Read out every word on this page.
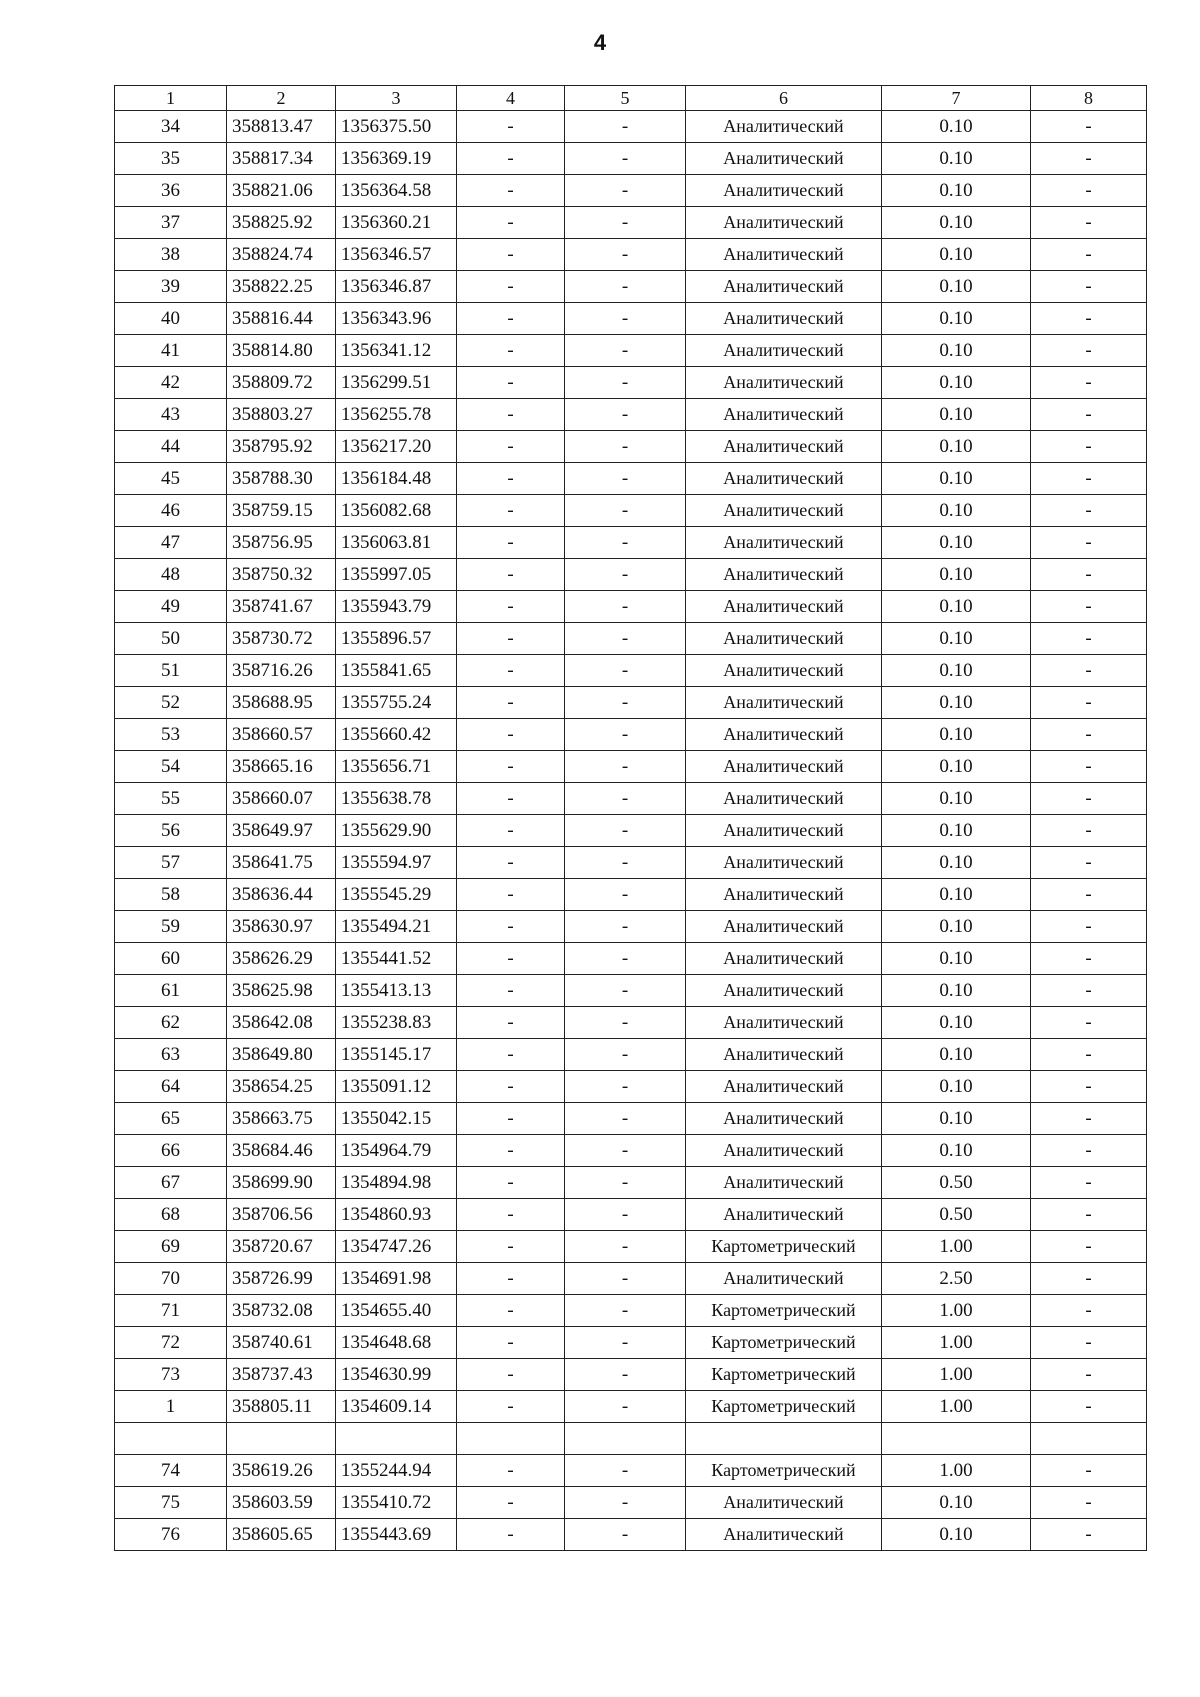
4
1	2	3	4	5	6	7	8
34	358813.47	1356375.50	-	-	Аналитический	0.10	-
35	358817.34	1356369.19	-	-	Аналитический	0.10	-
36	358821.06	1356364.58	-	-	Аналитический	0.10	-
37	358825.92	1356360.21	-	-	Аналитический	0.10	-
38	358824.74	1356346.57	-	-	Аналитический	0.10	-
39	358822.25	1356346.87	-	-	Аналитический	0.10	-
40	358816.44	1356343.96	-	-	Аналитический	0.10	-
41	358814.80	1356341.12	-	-	Аналитический	0.10	-
42	358809.72	1356299.51	-	-	Аналитический	0.10	-
43	358803.27	1356255.78	-	-	Аналитический	0.10	-
44	358795.92	1356217.20	-	-	Аналитический	0.10	-
45	358788.30	1356184.48	-	-	Аналитический	0.10	-
46	358759.15	1356082.68	-	-	Аналитический	0.10	-
47	358756.95	1356063.81	-	-	Аналитический	0.10	-
48	358750.32	1355997.05	-	-	Аналитический	0.10	-
49	358741.67	1355943.79	-	-	Аналитический	0.10	-
50	358730.72	1355896.57	-	-	Аналитический	0.10	-
51	358716.26	1355841.65	-	-	Аналитический	0.10	-
52	358688.95	1355755.24	-	-	Аналитический	0.10	-
53	358660.57	1355660.42	-	-	Аналитический	0.10	-
54	358665.16	1355656.71	-	-	Аналитический	0.10	-
55	358660.07	1355638.78	-	-	Аналитический	0.10	-
56	358649.97	1355629.90	-	-	Аналитический	0.10	-
57	358641.75	1355594.97	-	-	Аналитический	0.10	-
58	358636.44	1355545.29	-	-	Аналитический	0.10	-
59	358630.97	1355494.21	-	-	Аналитический	0.10	-
60	358626.29	1355441.52	-	-	Аналитический	0.10	-
61	358625.98	1355413.13	-	-	Аналитический	0.10	-
62	358642.08	1355238.83	-	-	Аналитический	0.10	-
63	358649.80	1355145.17	-	-	Аналитический	0.10	-
64	358654.25	1355091.12	-	-	Аналитический	0.10	-
65	358663.75	1355042.15	-	-	Аналитический	0.10	-
66	358684.46	1354964.79	-	-	Аналитический	0.10	-
67	358699.90	1354894.98	-	-	Аналитический	0.50	-
68	358706.56	1354860.93	-	-	Аналитический	0.50	-
69	358720.67	1354747.26	-	-	Картометрический	1.00	-
70	358726.99	1354691.98	-	-	Аналитический	2.50	-
71	358732.08	1354655.40	-	-	Картометрический	1.00	-
72	358740.61	1354648.68	-	-	Картометрический	1.00	-
73	358737.43	1354630.99	-	-	Картометрический	1.00	-
1	358805.11	1354609.14	-	-	Картометрический	1.00	-

74	358619.26	1355244.94	-	-	Картометрический	1.00	-
75	358603.59	1355410.72	-	-	Аналитический	0.10	-
76	358605.65	1355443.69	-	-	Аналитический	0.10	-
